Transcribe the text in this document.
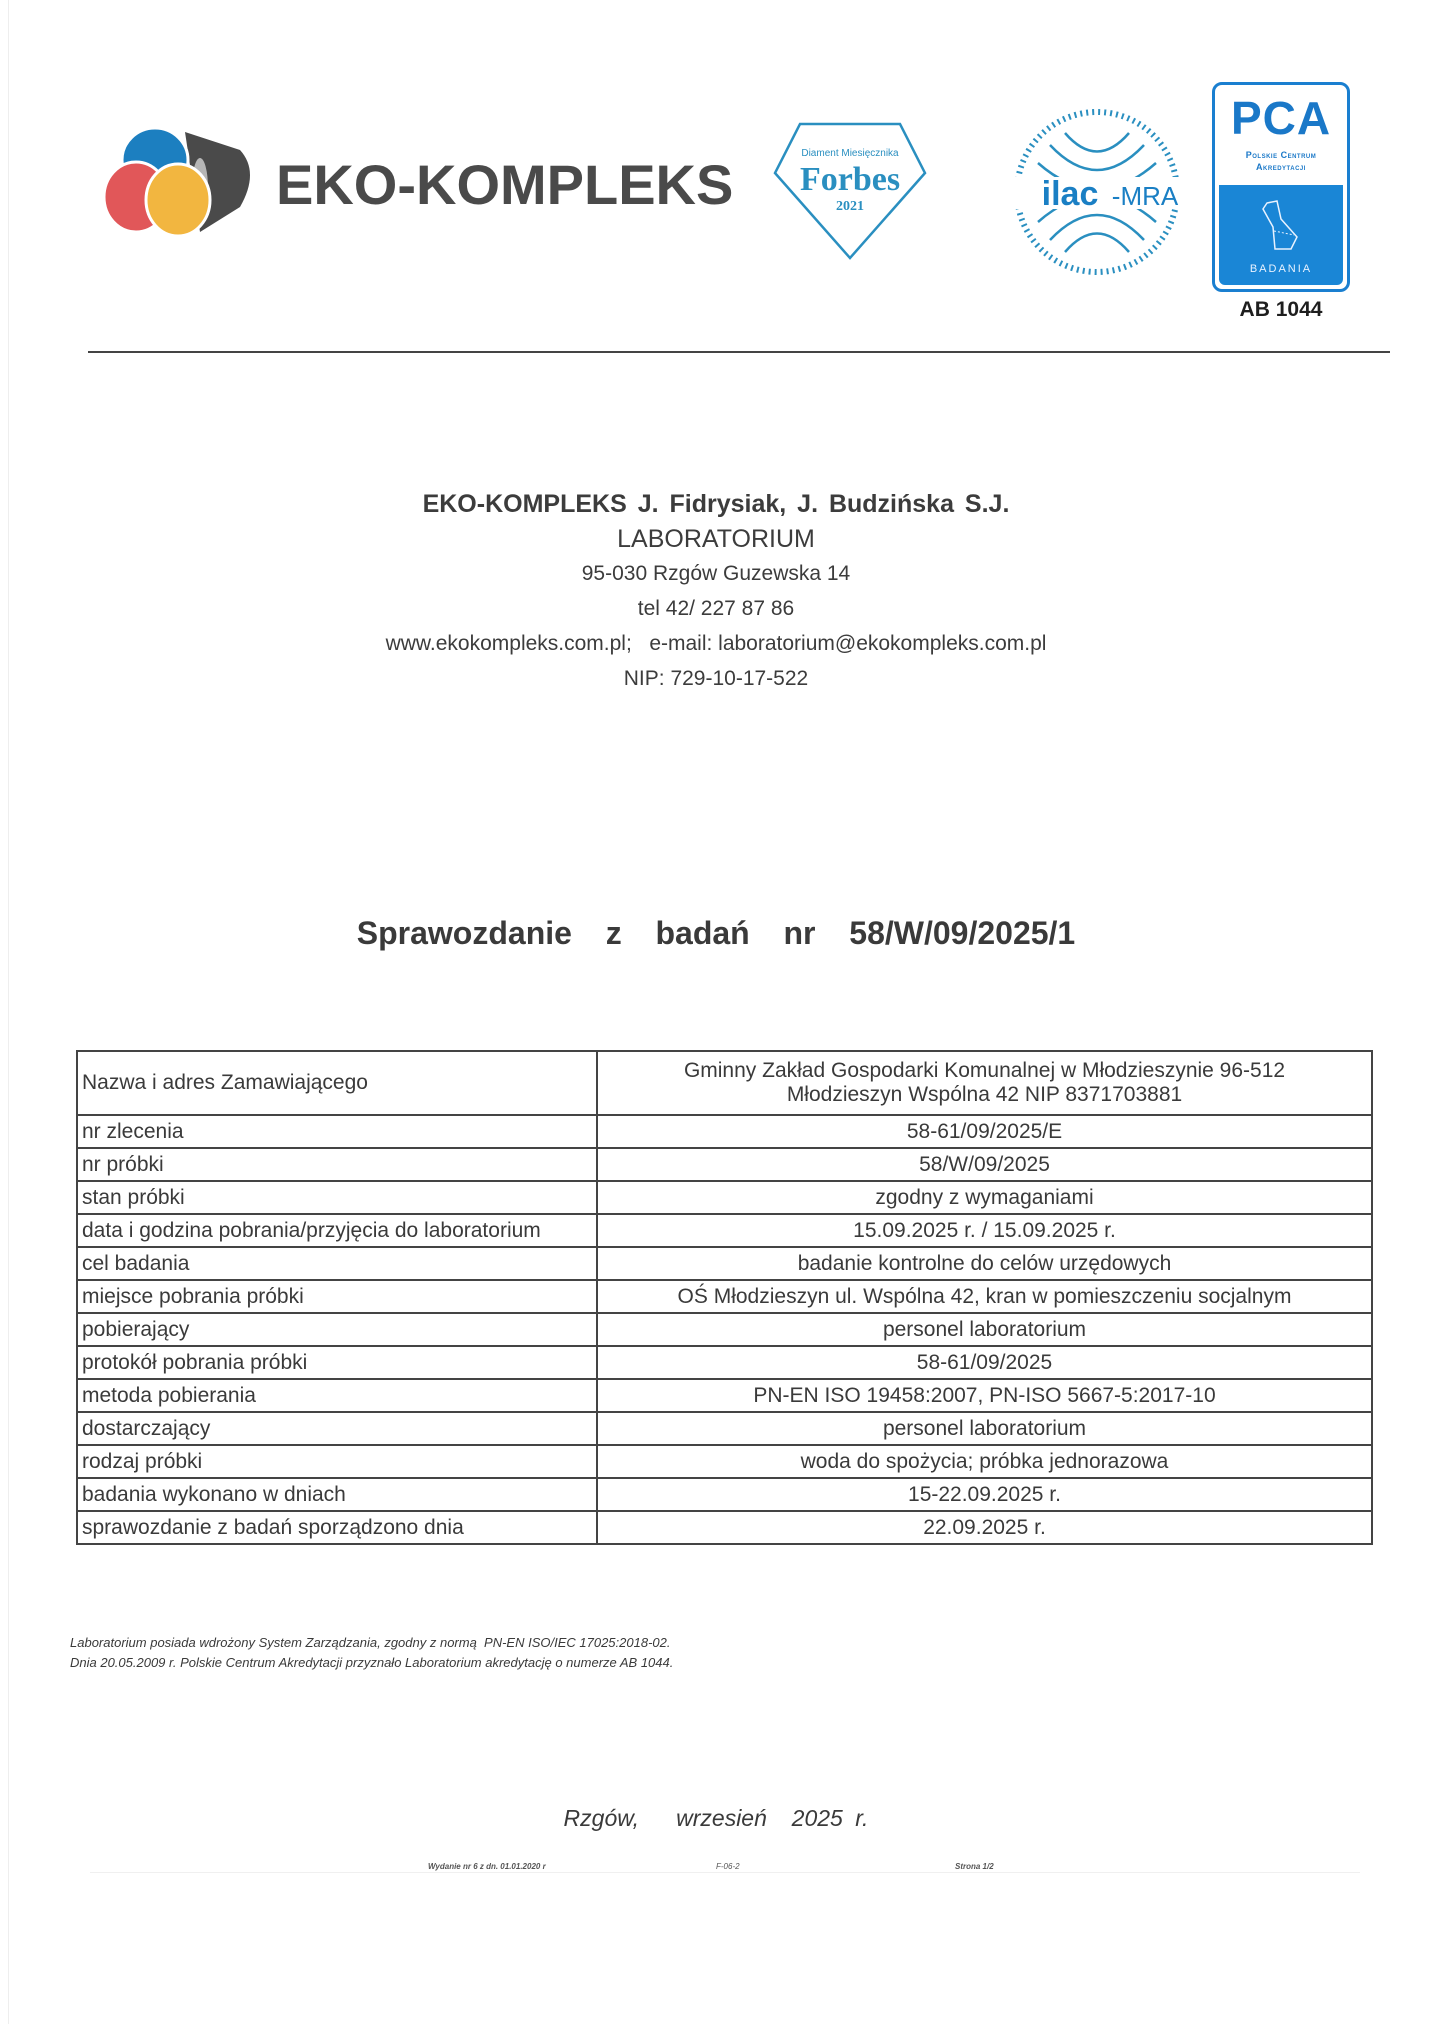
EKO-KOMPLEKS	Diament Miesięcznika
Forbes
2021	ilac -MRA
PCA
Polskie Centrum
Akredytacji
BADANIA
AB 1044
EKO-KOMPLEKS J. Fidrysiak, J. Budzińska S.J.
LABORATORIUM
95-030 Rzgów Guzewska 14
tel 42/ 227 87 86
www.ekokompleks.com.pl;   e-mail: laboratorium@ekokompleks.com.pl
NIP: 729-10-17-522
Sprawozdanie  z  badań  nr  58/W/09/2025/1
Nazwa i adres Zamawiającego	Gminny Zakład Gospodarki Komunalnej w Młodzieszynie 96-512
Młodzieszyn Wspólna 42 NIP 8371703881

nr zlecenia	58-61/09/2025/E
nr próbki	58/W/09/2025
stan próbki	zgodny z wymaganiami
data i godzina pobrania/przyjęcia do laboratorium	15.09.2025 r. / 15.09.2025 r.
cel badania	badanie kontrolne do celów urzędowych
miejsce pobrania próbki	OŚ Młodzieszyn ul. Wspólna 42, kran w pomieszczeniu socjalnym
pobierający	personel laboratorium
protokół pobrania próbki	58-61/09/2025
metoda pobierania	PN-EN ISO 19458:2007, PN-ISO 5667-5:2017-10
dostarczający	personel laboratorium
rodzaj próbki	woda do spożycia; próbka jednorazowa
badania wykonano w dniach	15-22.09.2025 r.
sprawozdanie z badań sporządzono dnia	22.09.2025 r.
Laboratorium posiada wdrożony System Zarządzania, zgodny z normą  PN-EN ISO/IEC 17025:2018-02.
Dnia 20.05.2009 r. Polskie Centrum Akredytacji przyznało Laboratorium akredytację o numerze AB 1044.
Rzgów,   wrzesień  2025 r.
Wydanie nr 6 z dn. 01.01.2020 r	F-06-2	Strona 1/2
